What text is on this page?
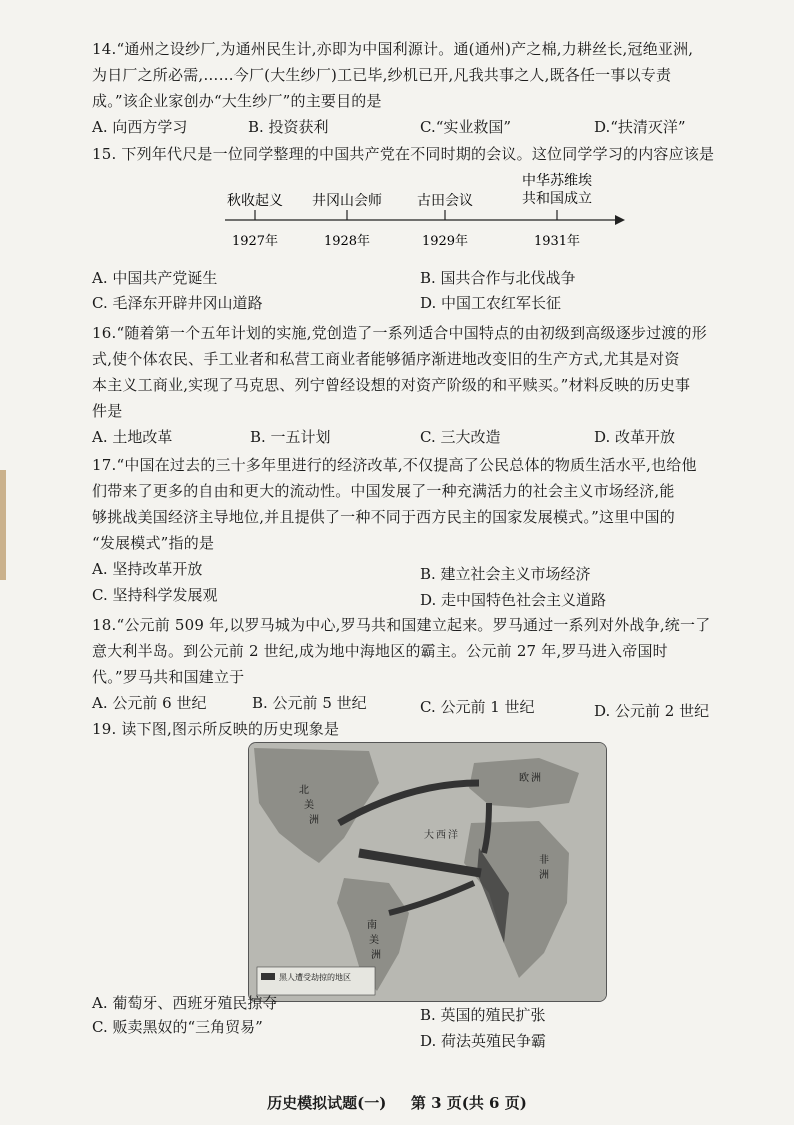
14.“通州之设纱厂,为通州民生计,亦即为中国利源计。通(通州)产之棉,力耕丝长,冠绝亚洲,
为日厂之所必需,……今厂(大生纱厂)工已毕,纱机已开,凡我共事之人,既各任一事以专责
成。”该企业家创办“大生纱厂”的主要目的是
A. 向西方学习	B. 投资获利	C.“实业救国”	D.“扶清灭洋”
15. 下列年代尺是一位同学整理的中国共产党在不同时期的会议。这位同学学习的内容应该是
秋收起义 井冈山会师	古田会议
中华苏维埃
共和国成立
1927年	1928年	1929年	1931年
A. 中国共产党诞生	B. 国共合作与北伐战争
C. 毛泽东开辟井冈山道路	D. 中国工农红军长征
16.“随着第一个五年计划的实施,党创造了一系列适合中国特点的由初级到高级逐步过渡的形
式,使个体农民、手工业者和私营工商业者能够循序渐进地改变旧的生产方式,尤其是对资
本主义工商业,实现了马克思、列宁曾经设想的对资产阶级的和平赎买。”材料反映的历史事
件是
A. 土地改革	B. 一五计划	C. 三大改造	D. 改革开放
17.“中国在过去的三十多年里进行的经济改革,不仅提高了公民总体的物质生活水平,也给他
们带来了更多的自由和更大的流动性。中国发展了一种充满活力的社会主义市场经济,能
够挑战美国经济主导地位,并且提供了一种不同于西方民主的国家发展模式。”这里中国的
“发展模式”指的是
A. 坚持改革开放	B. 建立社会主义市场经济
C. 坚持科学发展观	D. 走中国特色社会主义道路
18.“公元前 509 年,以罗马城为中心,罗马共和国建立起来。罗马通过一系列对外战争,统一了
意大利半岛。到公元前 2 世纪,成为地中海地区的霸主。公元前 27 年,罗马进入帝国时
代。”罗马共和国建立于
A. 公元前 6 世纪	B. 公元前 5 世纪	C. 公元前 1 世纪	D. 公元前 2 世纪
19. 读下图,图示所反映的历史现象是
北
美
洲
欧 洲
非
洲
南
美
洲
大 西 洋
黑人遭受劫掠的地区
A. 葡萄牙、西班牙殖民掠夺
B. 英国的殖民扩张
C. 贩卖黑奴的“三角贸易”
D. 荷法英殖民争霸
历史模拟试题(一) 第 3 页(共 6 页)
